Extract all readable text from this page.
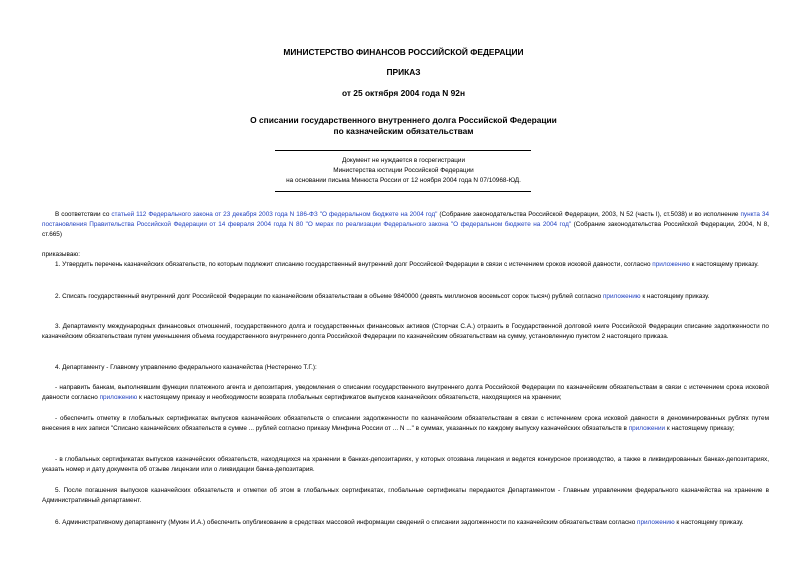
МИНИСТЕРСТВО ФИНАНСОВ РОССИЙСКОЙ ФЕДЕРАЦИИ
ПРИКАЗ
от 25 октября 2004 года N 92н
О списании государственного внутреннего долга Российской Федерации
по казначейским обязательствам
Документ не нуждается в госрегистрации
Министерства юстиции Российской Федерации
на основании письма Минюста России от 12 ноября 2004 года N 07/10968-ЮД.
В соответствии со статьей 112 Федерального закона от 23 декабря 2003 года N 186-ФЗ "О федеральном бюджете на 2004 год" (Собрание законодательства Российской Федерации, 2003, N 52 (часть I), ст.5038) и во исполнение пункта 34 постановления Правительства Российской Федерации от 14 февраля 2004 года N 80 "О мерах по реализации Федерального закона "О федеральном бюджете на 2004 год" (Собрание законодательства Российской Федерации, 2004, N 8, ст.665)
приказываю:
1. Утвердить перечень казначейских обязательств, по которым подлежит списанию государственный внутренний долг Российской Федерации в связи с истечением сроков исковой давности, согласно приложению к настоящему приказу.
2. Списать государственный внутренний долг Российской Федерации по казначейским обязательствам в объеме 9840000 (девять миллионов восемьсот сорок тысяч) рублей согласно приложению к настоящему приказу.
3. Департаменту международных финансовых отношений, государственного долга и государственных финансовых активов (Сторчак С.А.) отразить в Государственной долговой книге Российской Федерации списание задолженности по казначейским обязательствам путем уменьшения объема государственного внутреннего долга Российской Федерации по казначейским обязательствам на сумму, установленную пунктом 2 настоящего приказа.
4. Департаменту - Главному управлению федерального казначейства (Нестеренко Т.Г.):
- направить банкам, выполнявшим функции платежного агента и депозитария, уведомления о списании государственного внутреннего долга Российской Федерации по казначейским обязательствам в связи с истечением срока исковой давности согласно приложению к настоящему приказу и необходимости возврата глобальных сертификатов выпусков казначейских обязательств, находящихся на хранении;
- обеспечить отметку в глобальных сертификатах выпусков казначейских обязательств о списании задолженности по казначейским обязательствам в связи с истечением срока исковой давности в деноминированных рублях путем внесения в них записи "Списано казначейских обязательств в сумме ... рублей согласно приказу Минфина России от ... N ..." в суммах, указанных по каждому выпуску казначейских обязательств в приложении к настоящему приказу;
- в глобальных сертификатах выпусков казначейских обязательств, находящихся на хранении в банках-депозитариях, у которых отозвана лицензия и ведется конкурсное производство, а также в ликвидированных банках-депозитариях, указать номер и дату документа об отзыве лицензии или о ликвидации банка-депозитария.
5. После погашения выпусков казначейских обязательств и отметки об этом в глобальных сертификатах, глобальные сертификаты передаются Департаментом - Главным управлением федерального казначейства на хранение в Административный департамент.
6. Административному департаменту (Мукин И.А.) обеспечить опубликование в средствах массовой информации сведений о списании задолженности по казначейским обязательствам согласно приложению к настоящему приказу.
